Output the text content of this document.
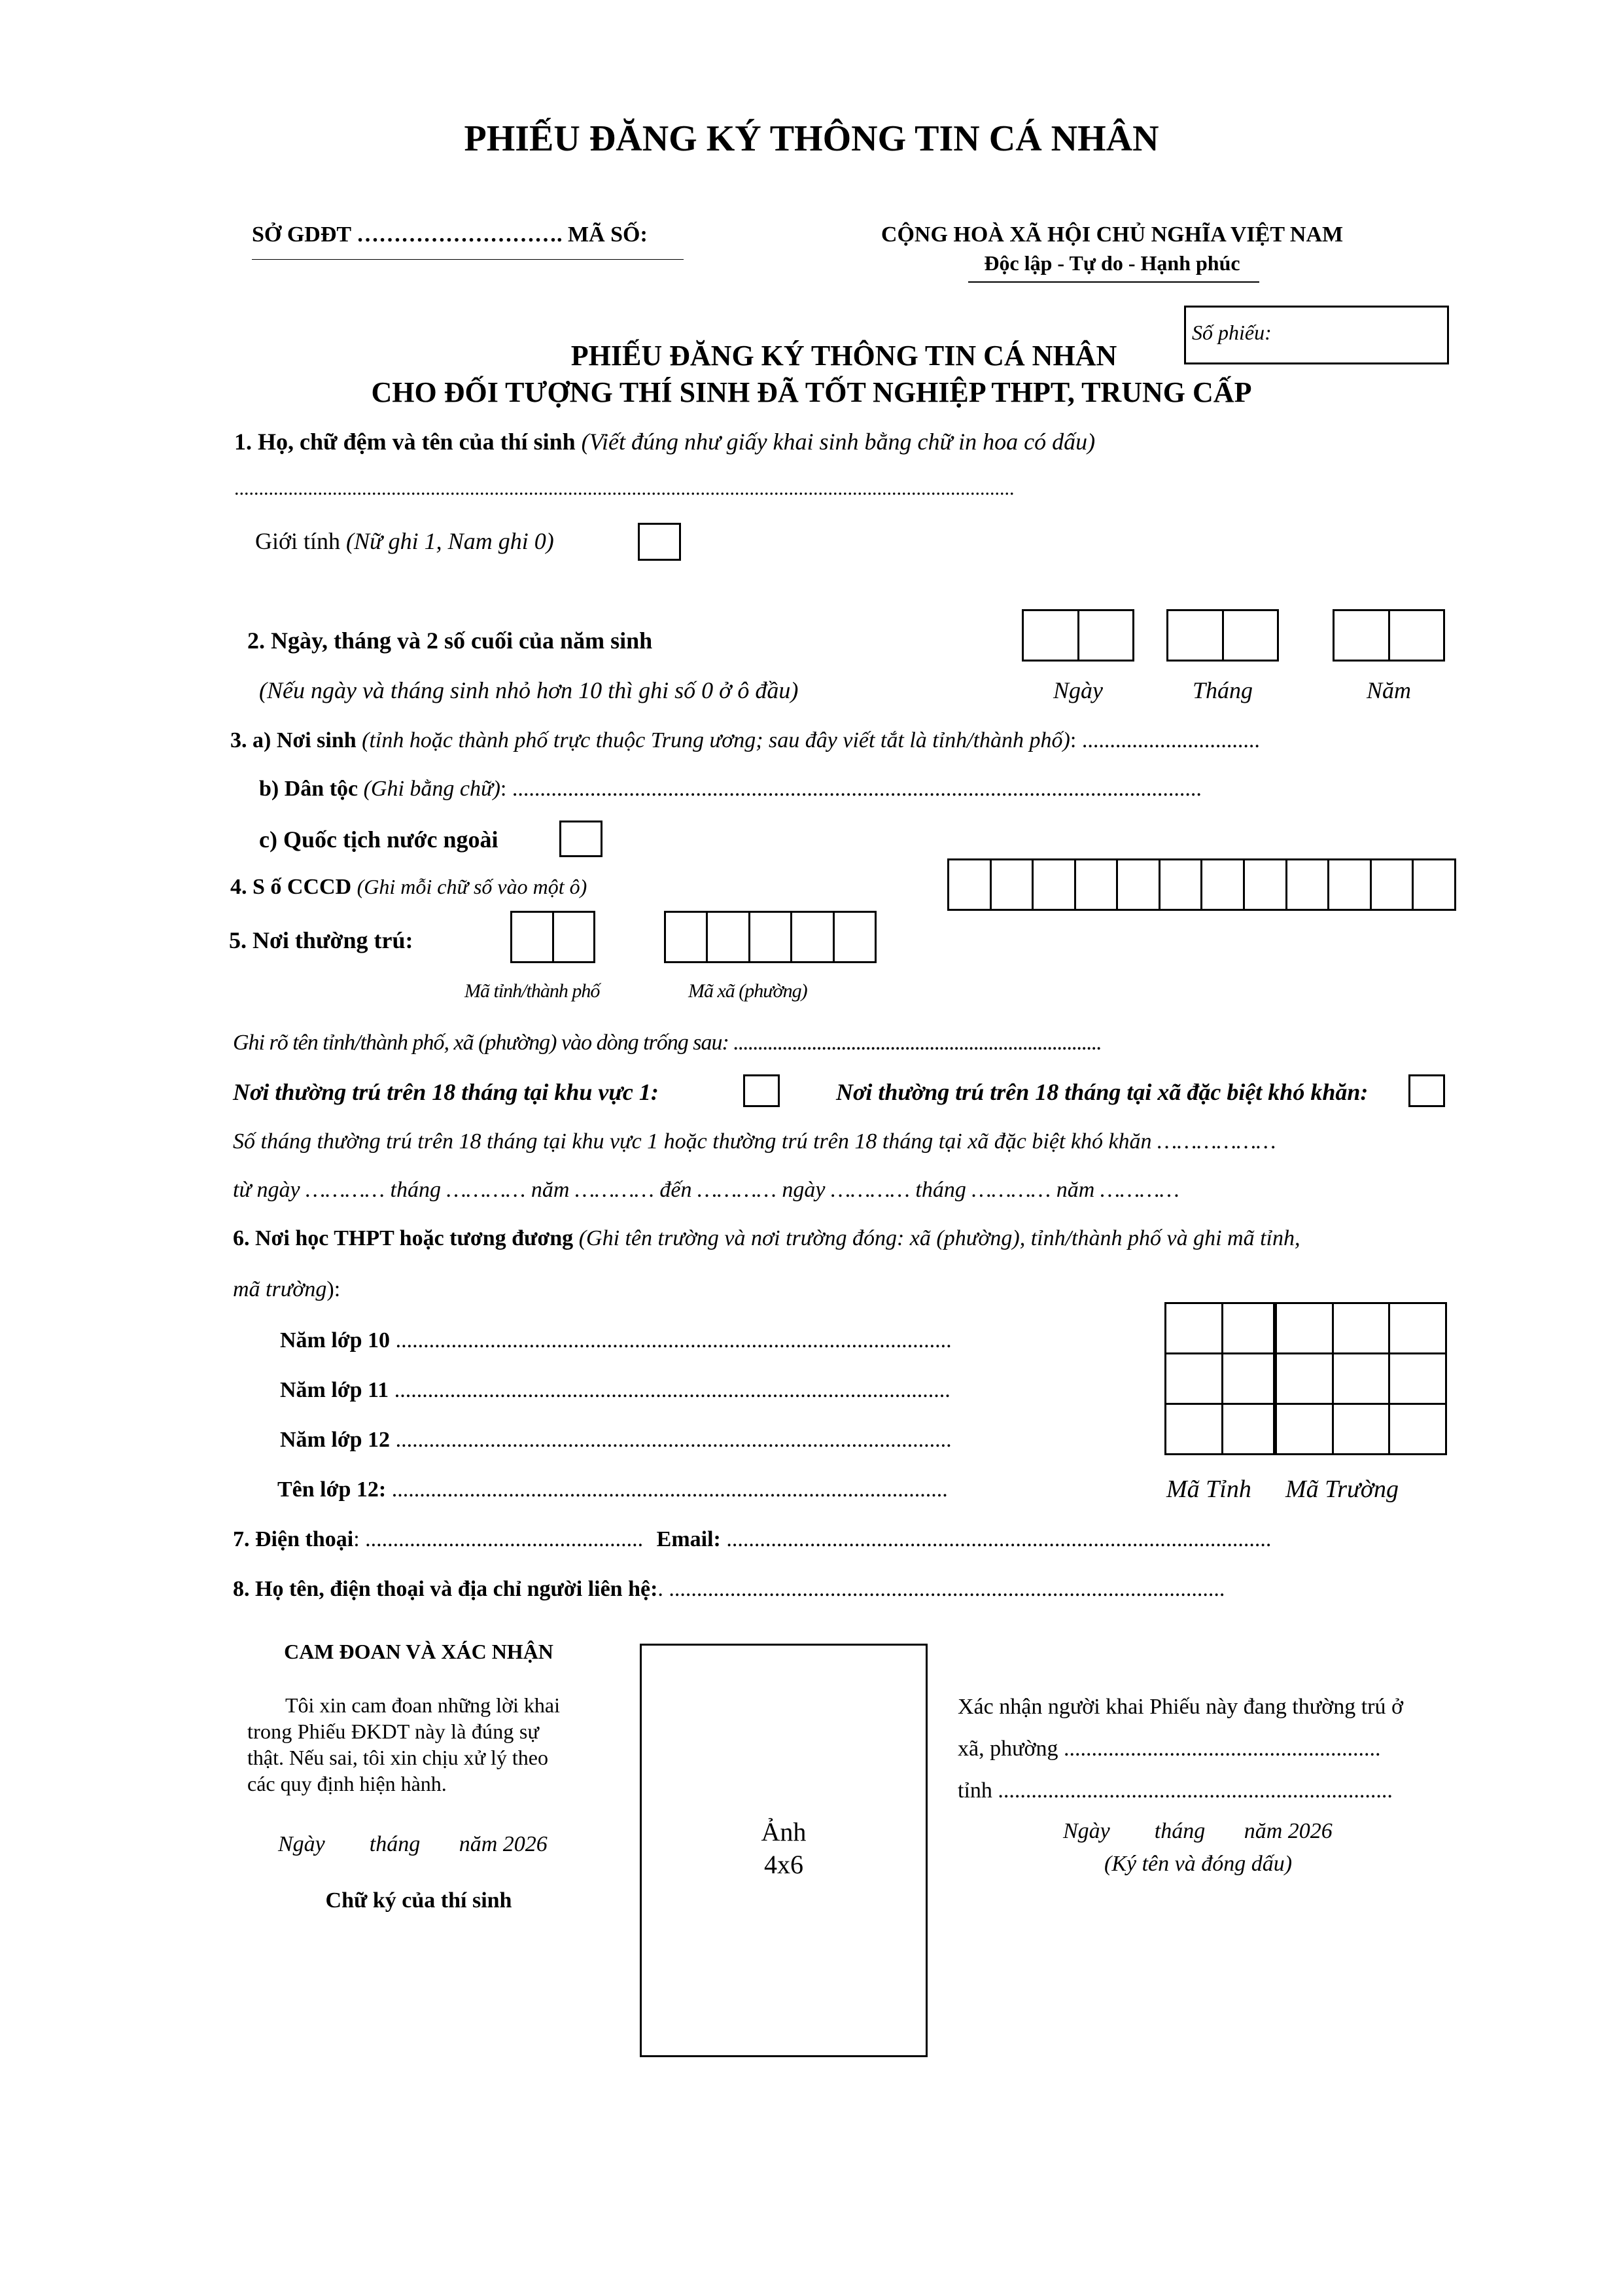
PHIẾU ĐĂNG KÝ THÔNG TIN CÁ NHÂN
SỞ GDĐT ………………………. MÃ SỐ:	CỘNG HOÀ XÃ HỘI CHỦ NGHĨA VIỆT NAM
Độc lập - Tự do - Hạnh phúc
Số phiếu:
PHIẾU ĐĂNG KÝ THÔNG TIN CÁ NHÂN
CHO ĐỐI TƯỢNG THÍ SINH ĐÃ TỐT NGHIỆP THPT, TRUNG CẤP
1. Họ, chữ đệm và tên của thí sinh (Viết đúng như giấy khai sinh bằng chữ in hoa có dấu)
...............................................................................................................................................................
Giới tính (Nữ ghi 1, Nam ghi 0)
2. Ngày, tháng và 2 số cuối của năm sinh
(Nếu ngày và tháng sinh nhỏ hơn 10 thì ghi số 0 ở ô đầu)	Ngày	Tháng	Năm
3. a) Nơi sinh (tỉnh hoặc thành phố trực thuộc Trung ương; sau đây viết tắt là tỉnh/thành phố): ................................
b) Dân tộc (Ghi bằng chữ): ............................................................................................................................
c) Quốc tịch nước ngoài
4. S ố CCCD (Ghi mỗi chữ số vào một ô)
5. Nơi thường trú:
Mã tỉnh/thành phố	Mã xã (phường)
Ghi rõ tên tỉnh/thành phố, xã (phường) vào dòng trống sau: ...........................................................................
Nơi thường trú trên 18 tháng tại khu vực 1:	Nơi thường trú trên 18 tháng tại xã đặc biệt khó khăn:
Số tháng thường trú trên 18 tháng tại khu vực 1 hoặc thường trú trên 18 tháng tại xã đặc biệt khó khăn ………………
từ ngày ………… tháng ………… năm ………… đến ………… ngày ………… tháng ………… năm …………
6. Nơi học THPT hoặc tương đương (Ghi tên trường và nơi trường đóng: xã (phường), tỉnh/thành phố và ghi mã tỉnh,
mã trường):
Năm lớp 10 ....................................................................................................
Năm lớp 11 ....................................................................................................
Năm lớp 12 ....................................................................................................
Tên lớp 12: ....................................................................................................	Mã Tỉnh Mã Trường
7. Điện thoại: .................................................. Email: ..................................................................................................
8. Họ tên, điện thoại và địa chỉ người liên hệ:. ....................................................................................................
CAM ĐOAN VÀ XÁC NHẬN
Tôi xin cam đoan những lời khai
trong Phiếu ĐKDT này là đúng sự
thật. Nếu sai, tôi xin chịu xử lý theo
các quy định hiện hành.
Ngày        tháng       năm 2026
Chữ ký của thí sinh
Ảnh
4x6
Xác nhận người khai Phiếu này đang thường trú ở
xã, phường .........................................................
tỉnh .......................................................................
Ngày        tháng       năm 2026
(Ký tên và đóng dấu)
